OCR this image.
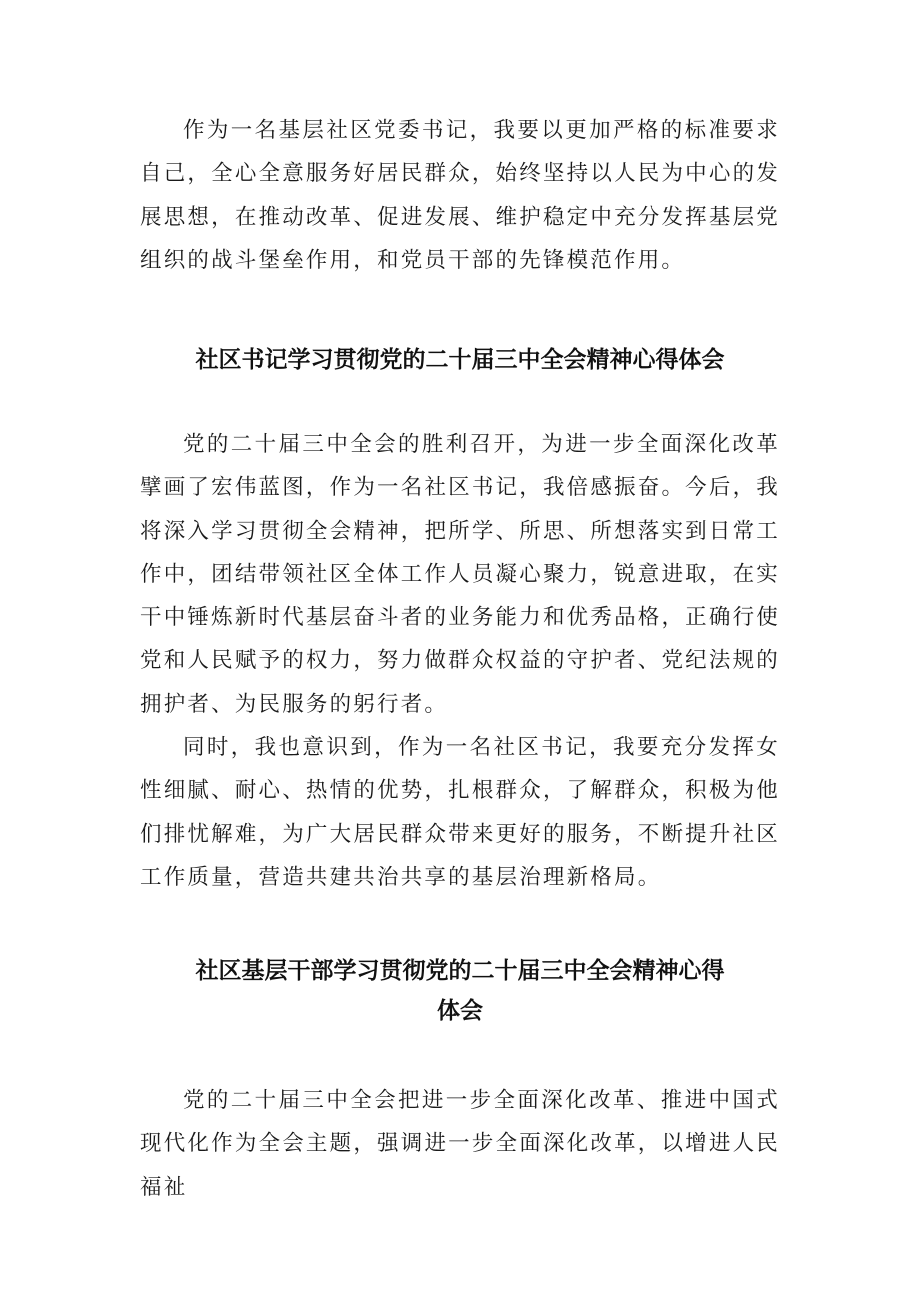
作为一名基层社区党委书记，我要以更加严格的标准要求自己，全心全意服务好居民群众，始终坚持以人民为中心的发展思想，在推动改革、促进发展、维护稳定中充分发挥基层党组织的战斗堡垒作用，和党员干部的先锋模范作用。

社区书记学习贯彻党的二十届三中全会精神心得体会

党的二十届三中全会的胜利召开，为进一步全面深化改革擘画了宏伟蓝图，作为一名社区书记，我倍感振奋。今后，我将深入学习贯彻全会精神，把所学、所思、所想落实到日常工作中，团结带领社区全体工作人员凝心聚力，锐意进取，在实干中锤炼新时代基层奋斗者的业务能力和优秀品格，正确行使党和人民赋予的权力，努力做群众权益的守护者、党纪法规的拥护者、为民服务的躬行者。

同时，我也意识到，作为一名社区书记，我要充分发挥女性细腻、耐心、热情的优势，扎根群众，了解群众，积极为他们排忧解难，为广大居民群众带来更好的服务，不断提升社区工作质量，营造共建共治共享的基层治理新格局。

社区基层干部学习贯彻党的二十届三中全会精神心得
体会

党的二十届三中全会把进一步全面深化改革、推进中国式现代化作为全会主题，强调进一步全面深化改革，以增进人民福祉
